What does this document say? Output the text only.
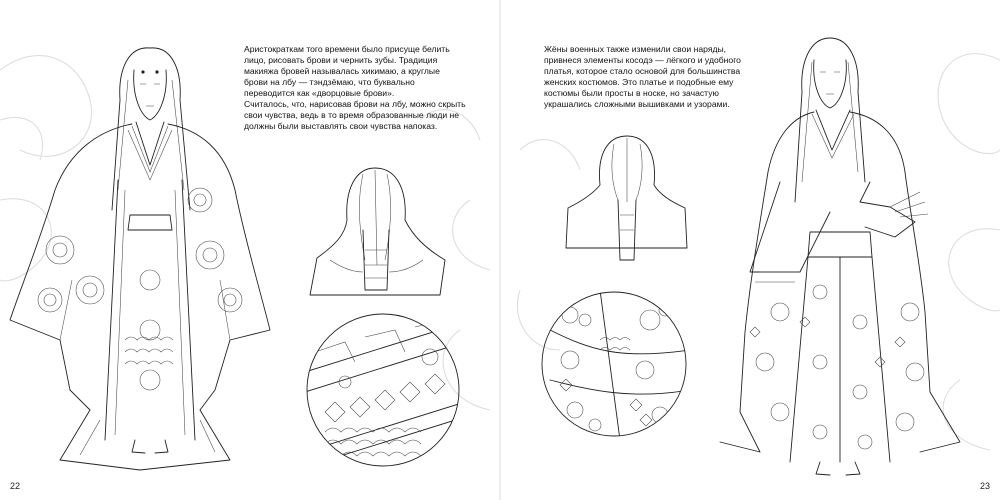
Аристократкам того времени было присуще белить лицо, рисовать брови и чернить зубы. Традиция макияжа бровей называлась хикимаю, а круглые брови на лбу — тэндзёмаю, что буквально переводится как «дворцовые брови».
Считалось, что, нарисовав брови на лбу, можно скрыть свои чувства, ведь в то время образованные люди не должны были выставлять свои чувства напоказ.
22
Жёны военных также изменили свои наряды, привнеся элементы косодэ — лёгкого и удобного платья, которое стало основой для большинства женских костюмов. Это платье и подобные ему костюмы были просты в носке, но зачастую украшались сложными вышивками и узорами.
23
